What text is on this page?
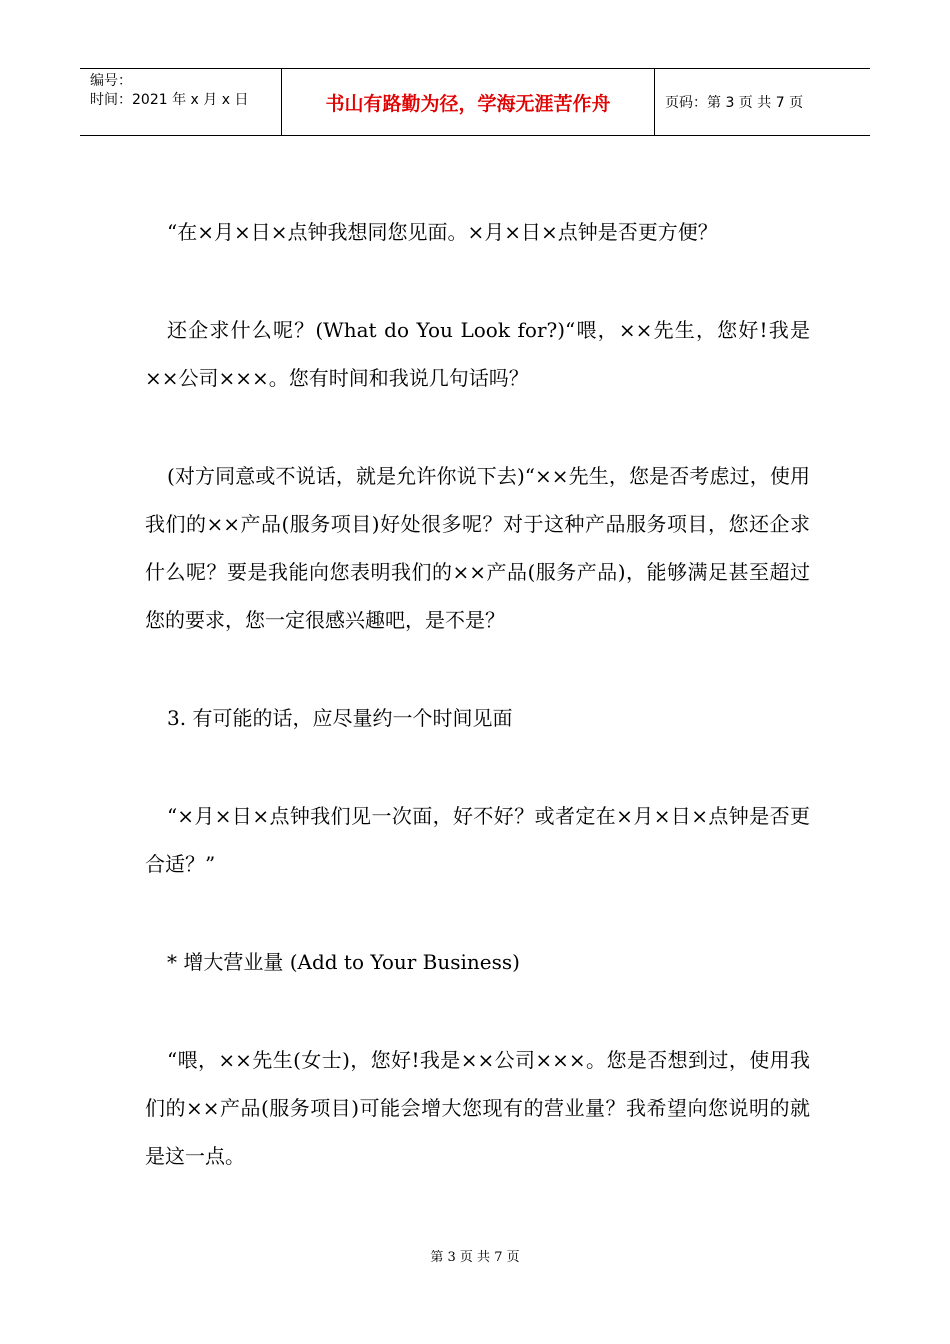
编号：
时间：2021 年 x 月 x 日	书山有路勤为径，学海无涯苦作舟	页码：第 3 页 共 7 页

“在×月×日×点钟我想同您见面。×月×日×点钟是否更方便？

还企求什么呢？(What do You Look for?)“喂，××先生，您好!我是××公司×××。您有时间和我说几句话吗？

(对方同意或不说话，就是允许你说下去)“××先生，您是否考虑过，使用我们的××产品(服务项目)好处很多呢？对于这种产品服务项目，您还企求什么呢？要是我能向您表明我们的××产品(服务产品)，能够满足甚至超过您的要求，您一定很感兴趣吧，是不是？

3. 有可能的话，应尽量约一个时间见面

“×月×日×点钟我们见一次面，好不好？或者定在×月×日×点钟是否更合适？”

* 增大营业量 (Add to Your Business)

“喂，××先生(女士)，您好!我是××公司×××。您是否想到过，使用我们的××产品(服务项目)可能会增大您现有的营业量？我希望向您说明的就是这一点。

第 3 页 共 7 页
